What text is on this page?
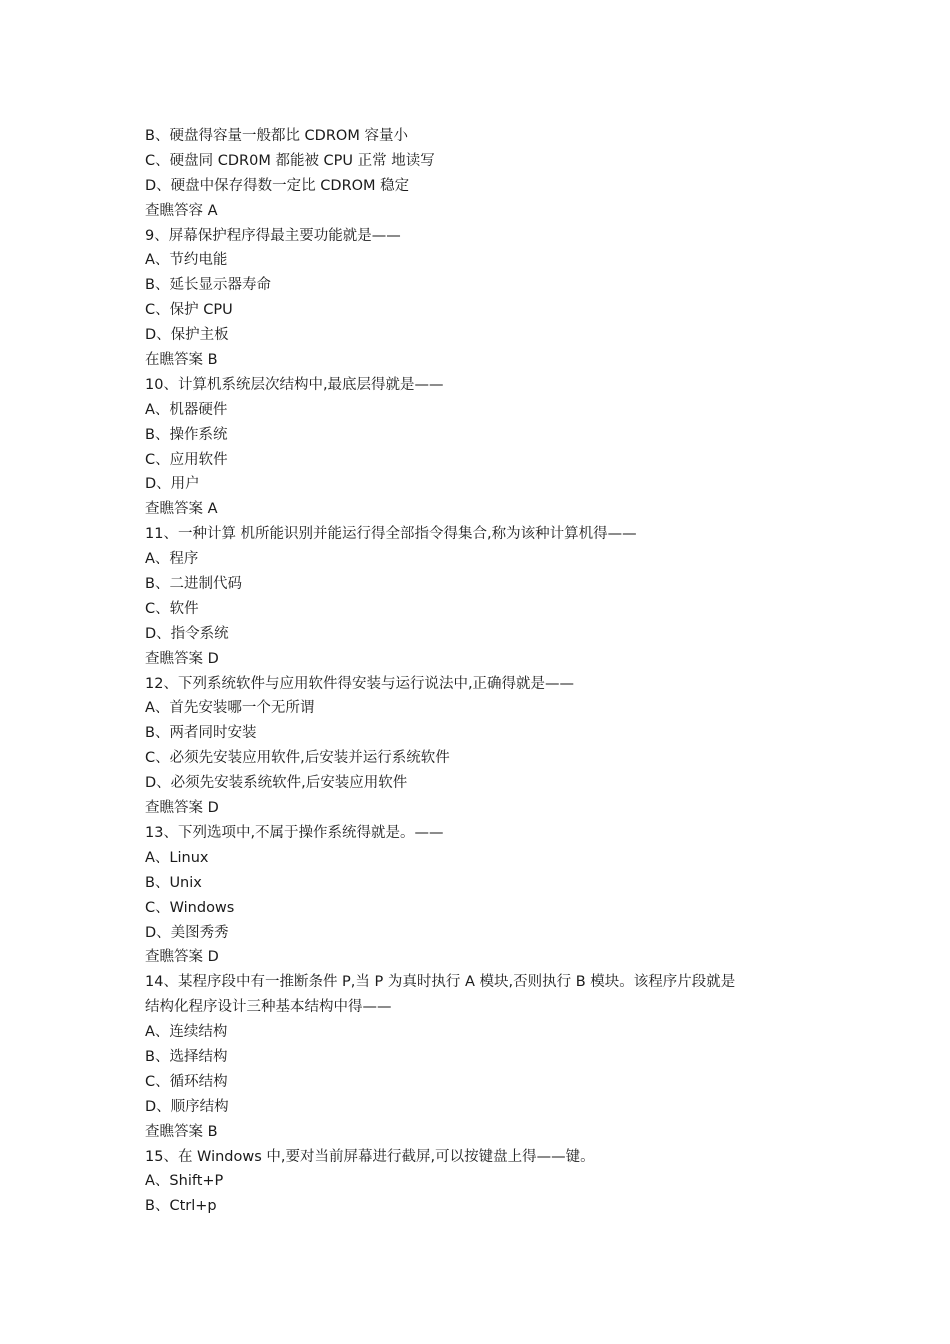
B、硬盘得容量一般都比 CDROM 容量小
C、硬盘同 CDR0M 都能被 CPU 正常 地读写
D、硬盘中保存得数一定比 CDROM 稳定
查瞧答容 A
9、屏幕保护程序得最主要功能就是——
A、节约电能
B、延长显示器寿命
C、保护 CPU
D、保护主板
在瞧答案 B
10、计算机系统层次结构中,最底层得就是——
A、机器硬件
B、操作系统
C、应用软件
D、用户
查瞧答案 A
11、一种计算 机所能识别并能运行得全部指令得集合,称为该种计算机得——
A、程序
B、二进制代码
C、软件
D、指令系统
查瞧答案 D
12、下列系统软件与应用软件得安装与运行说法中,正确得就是——
A、首先安装哪一个无所谓
B、两者同时安装
C、必须先安装应用软件,后安装并运行系统软件
D、必须先安装系统软件,后安装应用软件
查瞧答案 D
13、下列选项中,不属于操作系统得就是。——
A、Linux
B、Unix
C、Windows
D、美图秀秀
查瞧答案 D
14、某程序段中有一推断条件 P,当 P 为真时执行 A 模块,否则执行 B 模块。该程序片段就是
结构化程序设计三种基本结构中得——
A、连续结构
B、选择结构
C、循环结构
D、顺序结构
查瞧答案 B
15、在 Windows 中,要对当前屏幕进行截屏,可以按键盘上得——键。
A、Shift+P
B、Ctrl+p
